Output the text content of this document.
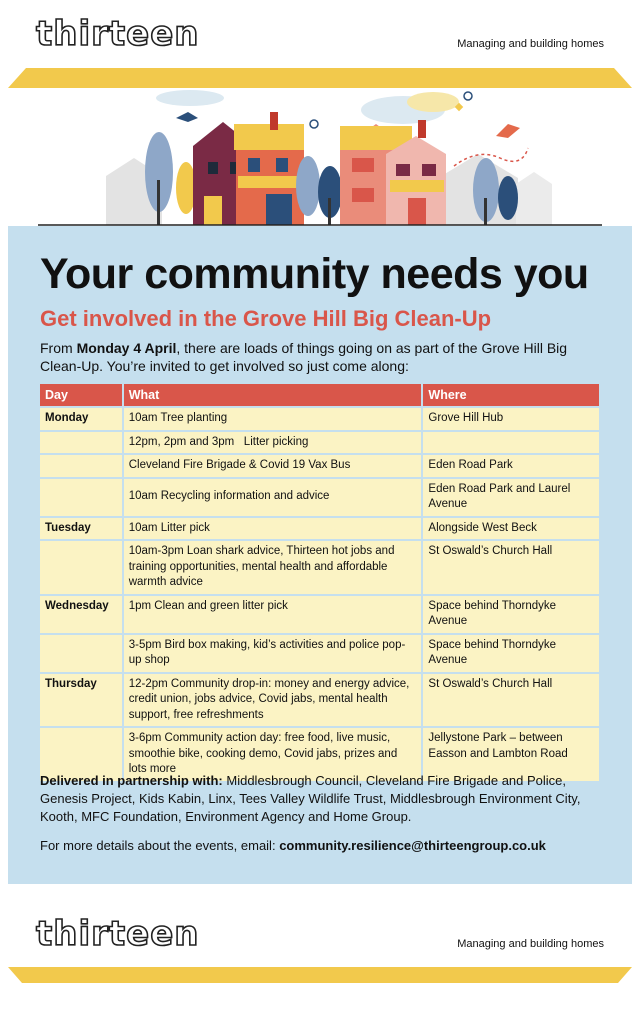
thirteen	Managing and building homes
Your community needs you
Get involved in the Grove Hill Big Clean-Up

From Monday 4 April, there are loads of things going on as part of the Grove Hill Big Clean-Up. You’re invited to get involved so just come along:

Day	What	Where
Monday	10am Tree planting	Grove Hill Hub
	12pm, 2pm and 3pm   Litter picking	
	Cleveland Fire Brigade & Covid 19 Vax Bus	Eden Road Park
	10am Recycling information and advice	Eden Road Park and Laurel Avenue
Tuesday	10am Litter pick	Alongside West Beck
	10am-3pm Loan shark advice, Thirteen hot jobs and training opportunities, mental health and affordable warmth advice	St Oswald’s Church Hall
Wednesday	1pm Clean and green litter pick	Space behind Thorndyke Avenue
	3-5pm Bird box making, kid’s activities and police pop-up shop	Space behind Thorndyke Avenue
Thursday	12-2pm Community drop-in: money and energy advice, credit union, jobs advice, Covid jabs, mental health support, free refreshments	St Oswald’s Church Hall
	3-6pm Community action day: free food, live music, smoothie bike, cooking demo, Covid jabs, prizes and lots more	Jellystone Park – between Easson and Lambton Road

Delivered in partnership with: Middlesbrough Council, Cleveland Fire Brigade and Police, Genesis Project, Kids Kabin, Linx, Tees Valley Wildlife Trust, Middlesbrough Environment City, Kooth, MFC Foundation, Environment Agency and Home Group.

For more details about the events, email: community.resilience@thirteengroup.co.uk

thirteen	Managing and building homes
